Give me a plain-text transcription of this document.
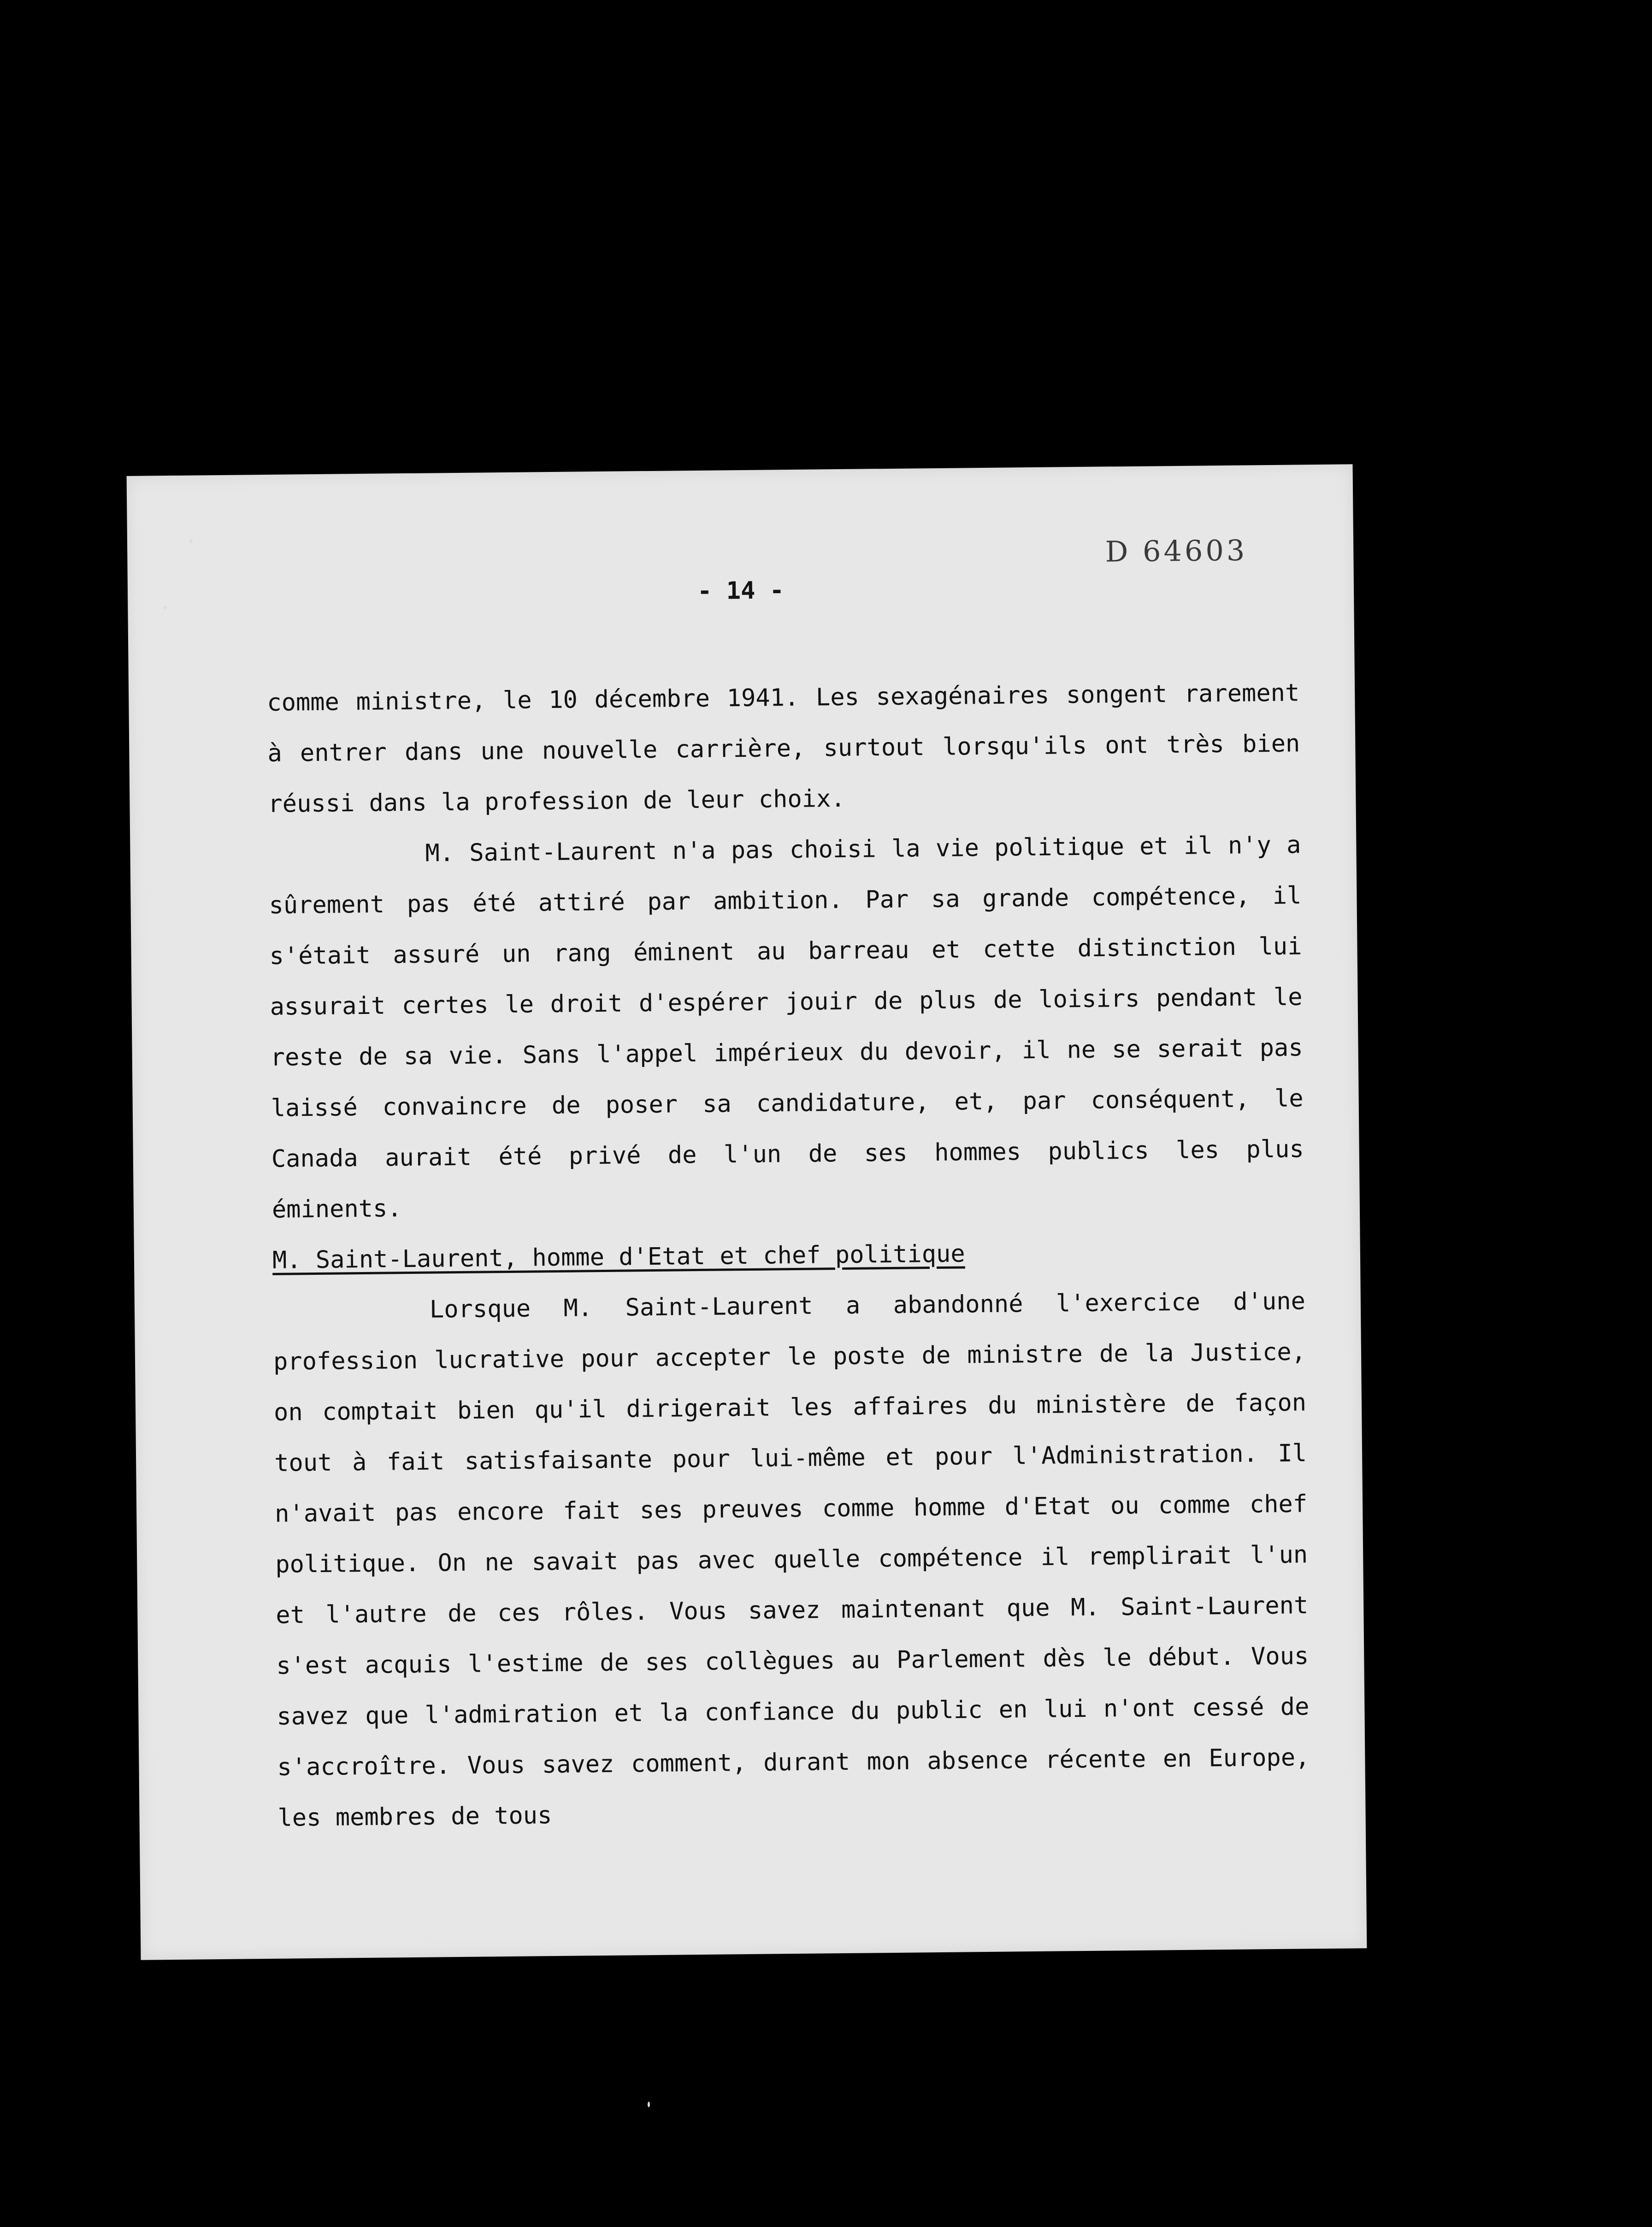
D 64603
- 14 -

comme ministre, le 10 décembre 1941. Les sexagénaires songent rarement à entrer dans une nouvelle carrière, surtout lorsqu'ils ont très bien réussi dans la profession de leur choix.

M. Saint-Laurent n'a pas choisi la vie politique et il n'y a sûrement pas été attiré par ambition. Par sa grande compétence, il s'était assuré un rang éminent au barreau et cette distinction lui assurait certes le droit d'espérer jouir de plus de loisirs pendant le reste de sa vie. Sans l'appel impérieux du devoir, il ne se serait pas laissé convaincre de poser sa candidature, et, par conséquent, le Canada aurait été privé de l'un de ses hommes publics les plus éminents.

M. Saint-Laurent, homme d'Etat et chef politique

Lorsque M. Saint-Laurent a abandonné l'exercice d'une profession lucrative pour accepter le poste de ministre de la Justice, on comptait bien qu'il dirigerait les affaires du ministère de façon tout à fait satisfaisante pour lui-même et pour l'Administration. Il n'avait pas encore fait ses preuves comme homme d'Etat ou comme chef politique. On ne savait pas avec quelle compétence il remplirait l'un et l'autre de ces rôles. Vous savez maintenant que M. Saint-Laurent s'est acquis l'estime de ses collègues au Parlement dès le début. Vous savez que l'admiration et la confiance du public en lui n'ont cessé de s'accroître. Vous savez comment, durant mon absence récente en Europe, les membres de tous
